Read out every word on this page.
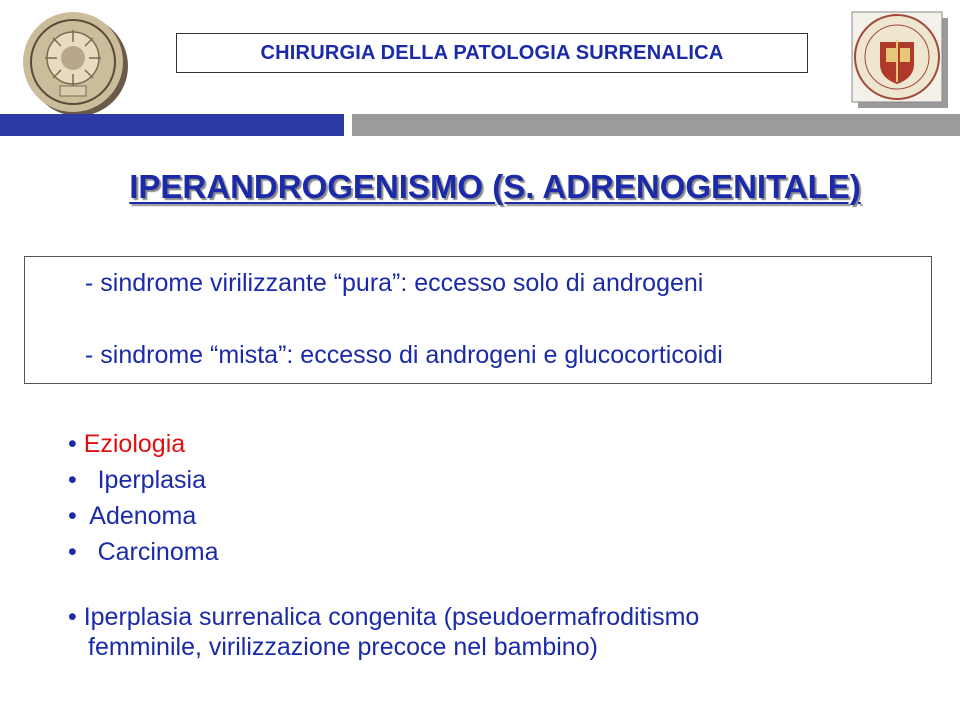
CHIRURGIA DELLA PATOLOGIA SURRENALICA
IPERANDROGENISMO (S. ADRENOGENITALE)
- sindrome virilizzante “pura”: eccesso solo di androgeni
- sindrome “mista”: eccesso di androgeni e glucocorticoidi
• Eziologia
•   Iperplasia
•  Adenoma
•   Carcinoma
• Iperplasia surrenalica congenita (pseudoermafroditismo
femminile, virilizzazione precoce nel bambino)
